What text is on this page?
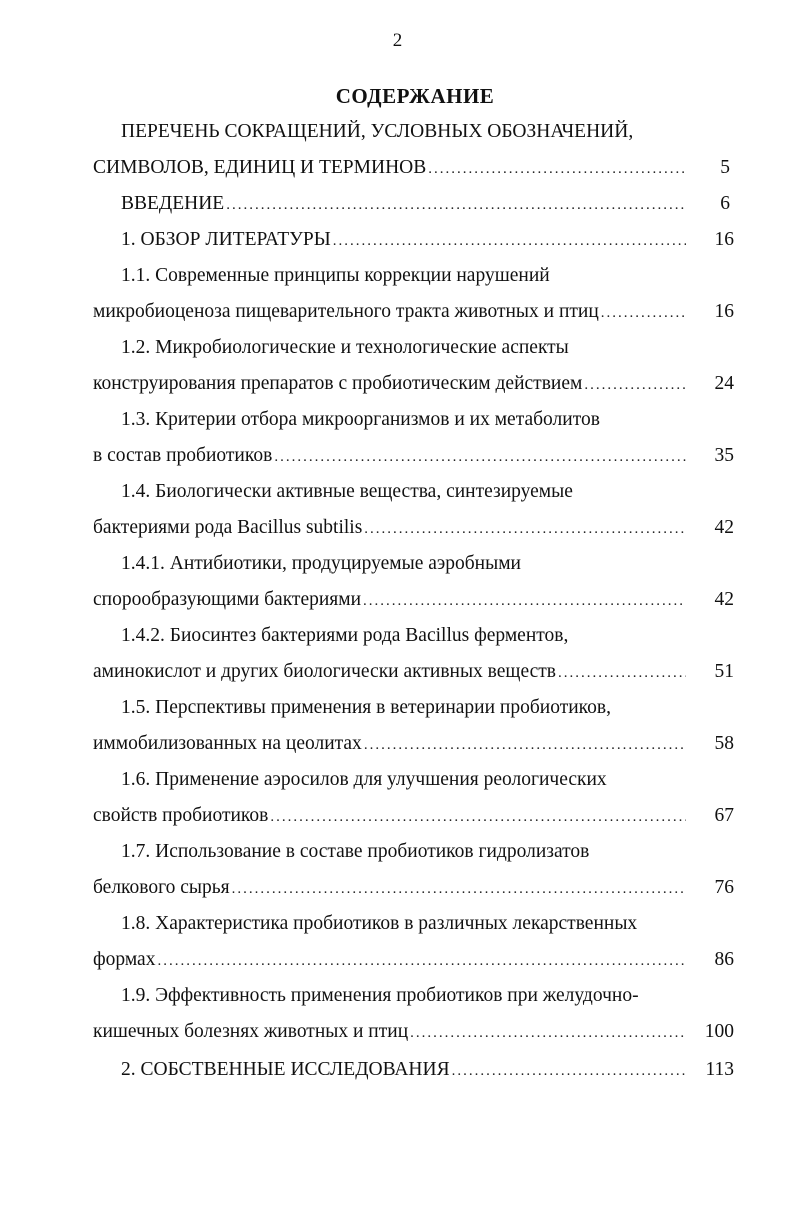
2
СОДЕРЖАНИЕ
ПЕРЕЧЕНЬ СОКРАЩЕНИЙ, УСЛОВНЫХ ОБОЗНАЧЕНИЙ,
СИМВОЛОВ, ЕДИНИЦ И ТЕРМИНОВ .....	5
ВВЕДЕНИЕ .....	6
1. ОБЗОР ЛИТЕРАТУРЫ .....	16
1.1. Современные принципы коррекции нарушений
микробиоценоза пищеварительного тракта животных и птиц .....	16
1.2. Микробиологические и технологические аспекты
конструирования препаратов с пробиотическим действием .....	24
1.3. Критерии отбора микроорганизмов и их метаболитов
в состав пробиотиков .....	35
1.4. Биологически активные вещества, синтезируемые
бактериями рода Bacillus subtilis .....	42
1.4.1. Антибиотики, продуцируемые аэробными
спорообразующими бактериями .....	42
1.4.2. Биосинтез бактериями рода Bacillus ферментов,
аминокислот и других биологически активных веществ .....	51
1.5. Перспективы применения в ветеринарии пробиотиков,
иммобилизованных на цеолитах .....	58
1.6. Применение аэросилов для улучшения реологических
свойств пробиотиков .....	67
1.7. Использование в составе пробиотиков гидролизатов
белкового сырья .....	76
1.8. Характеристика пробиотиков в различных лекарственных
формах .....	86
1.9. Эффективность применения пробиотиков при желудочно-
кишечных болезнях животных и птиц .....	100
2. СОБСТВЕННЫЕ ИССЛЕДОВАНИЯ .....	113
